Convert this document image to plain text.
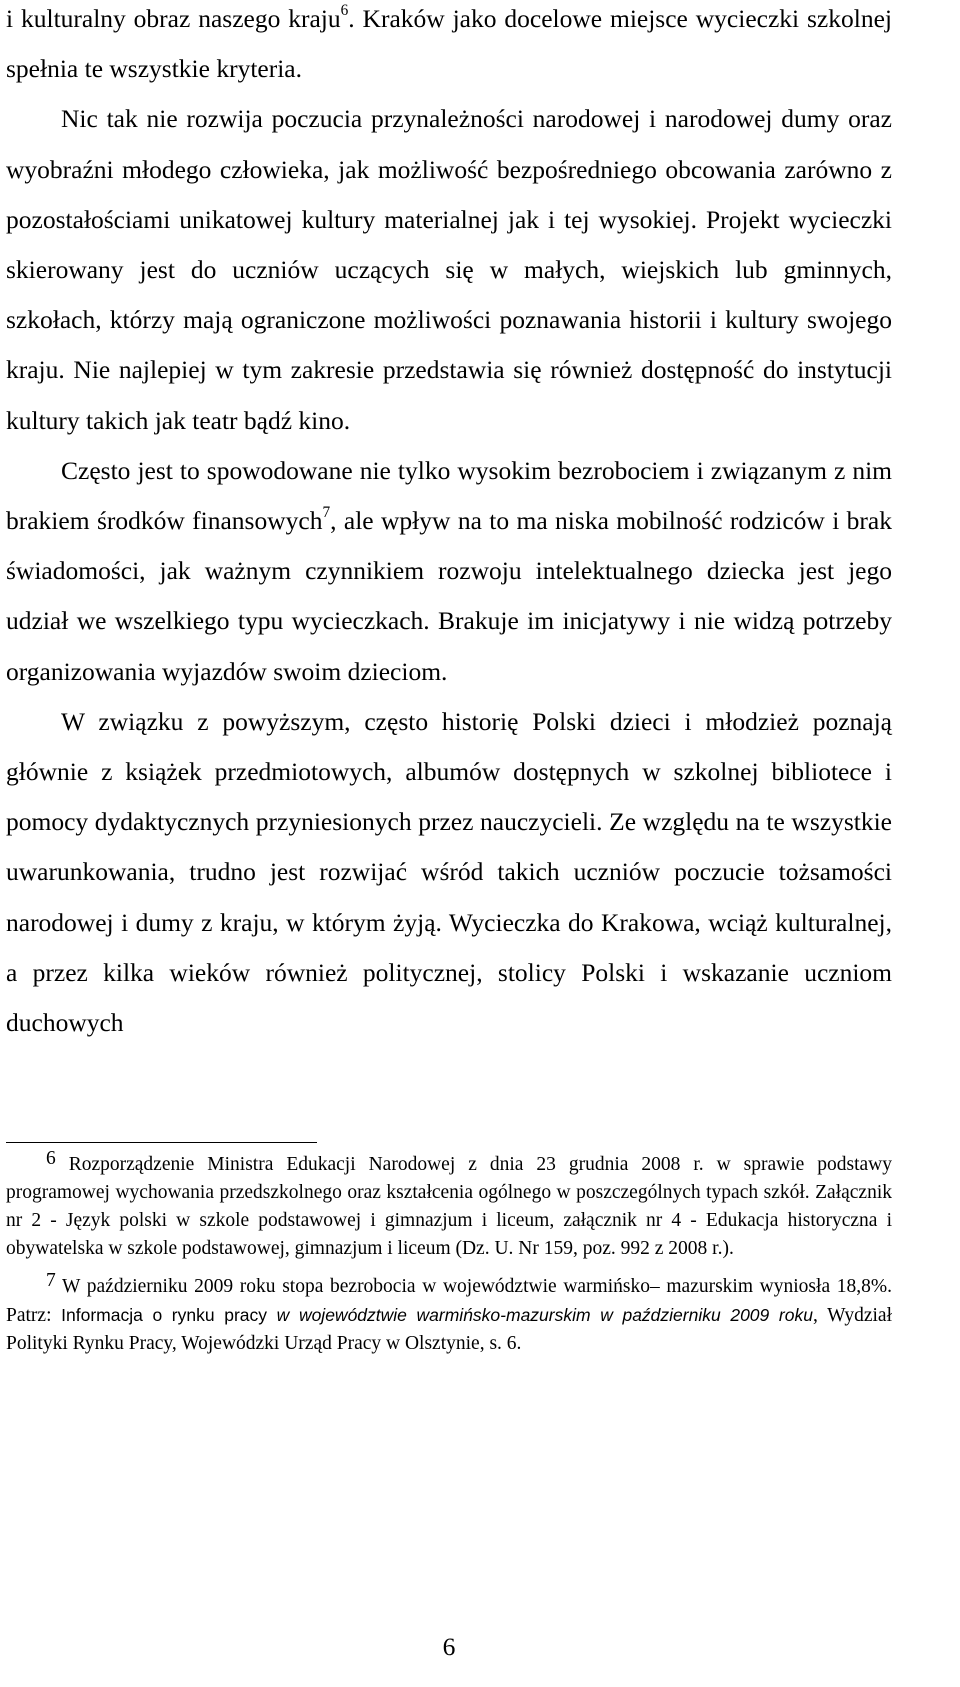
i kulturalny obraz naszego kraju$^6$. Kraków jako docelowe miejsce wycieczki szkolnej spełnia te wszystkie kryteria.

Nic tak nie rozwija poczucia przynależności narodowej i narodowej dumy oraz wyobraźni młodego człowieka, jak możliwość bezpośredniego obcowania zarówno z pozostałościami unikatowej kultury materialnej jak i tej wysokiej. Projekt wycieczki skierowany jest do uczniów uczących się w małych, wiejskich lub gminnych, szkołach, którzy mają ograniczone możliwości poznawania historii i kultury swojego kraju. Nie najlepiej w tym zakresie przedstawia się również dostępność do instytucji kultury takich jak teatr bądź kino.

Często jest to spowodowane nie tylko wysokim bezrobociem i związanym z nim brakiem środków finansowych$^7$, ale wpływ na to ma niska mobilność rodziców i brak świadomości, jak ważnym czynnikiem rozwoju intelektualnego dziecka jest jego udział we wszelkiego typu wycieczkach. Brakuje im inicjatywy i nie widzą potrzeby organizowania wyjazdów swoim dzieciom.

W związku z powyższym, często historię Polski dzieci i młodzież poznają głównie z książek przedmiotowych, albumów dostępnych w szkolnej bibliotece i pomocy dydaktycznych przyniesionych przez nauczycieli. Ze względu na te wszystkie uwarunkowania, trudno jest rozwijać wśród takich uczniów poczucie tożsamości narodowej i dumy z kraju, w którym żyją. Wycieczka do Krakowa, wciąż kulturalnej, a przez kilka wieków również politycznej, stolicy Polski i wskazanie uczniom duchowych

6 Rozporządzenie Ministra Edukacji Narodowej z dnia 23 grudnia 2008 r. w sprawie podstawy programowej wychowania przedszkolnego oraz kształcenia ogólnego w poszczególnych typach szkół. Załącznik nr 2 - Język polski w szkole podstawowej i gimnazjum i liceum, załącznik nr 4 - Edukacja historyczna i obywatelska w szkole podstawowej, gimnazjum i liceum (Dz. U. Nr 159, poz. 992 z 2008 r.).

7 W październiku 2009 roku stopa bezrobocia w województwie warmińsko– mazurskim wyniosła 18,8%. Patrz: Informacja o rynku pracy w województwie warmińsko-mazurskim w październiku 2009 roku, Wydział Polityki Rynku Pracy, Wojewódzki Urząd Pracy w Olsztynie, s. 6.

6
